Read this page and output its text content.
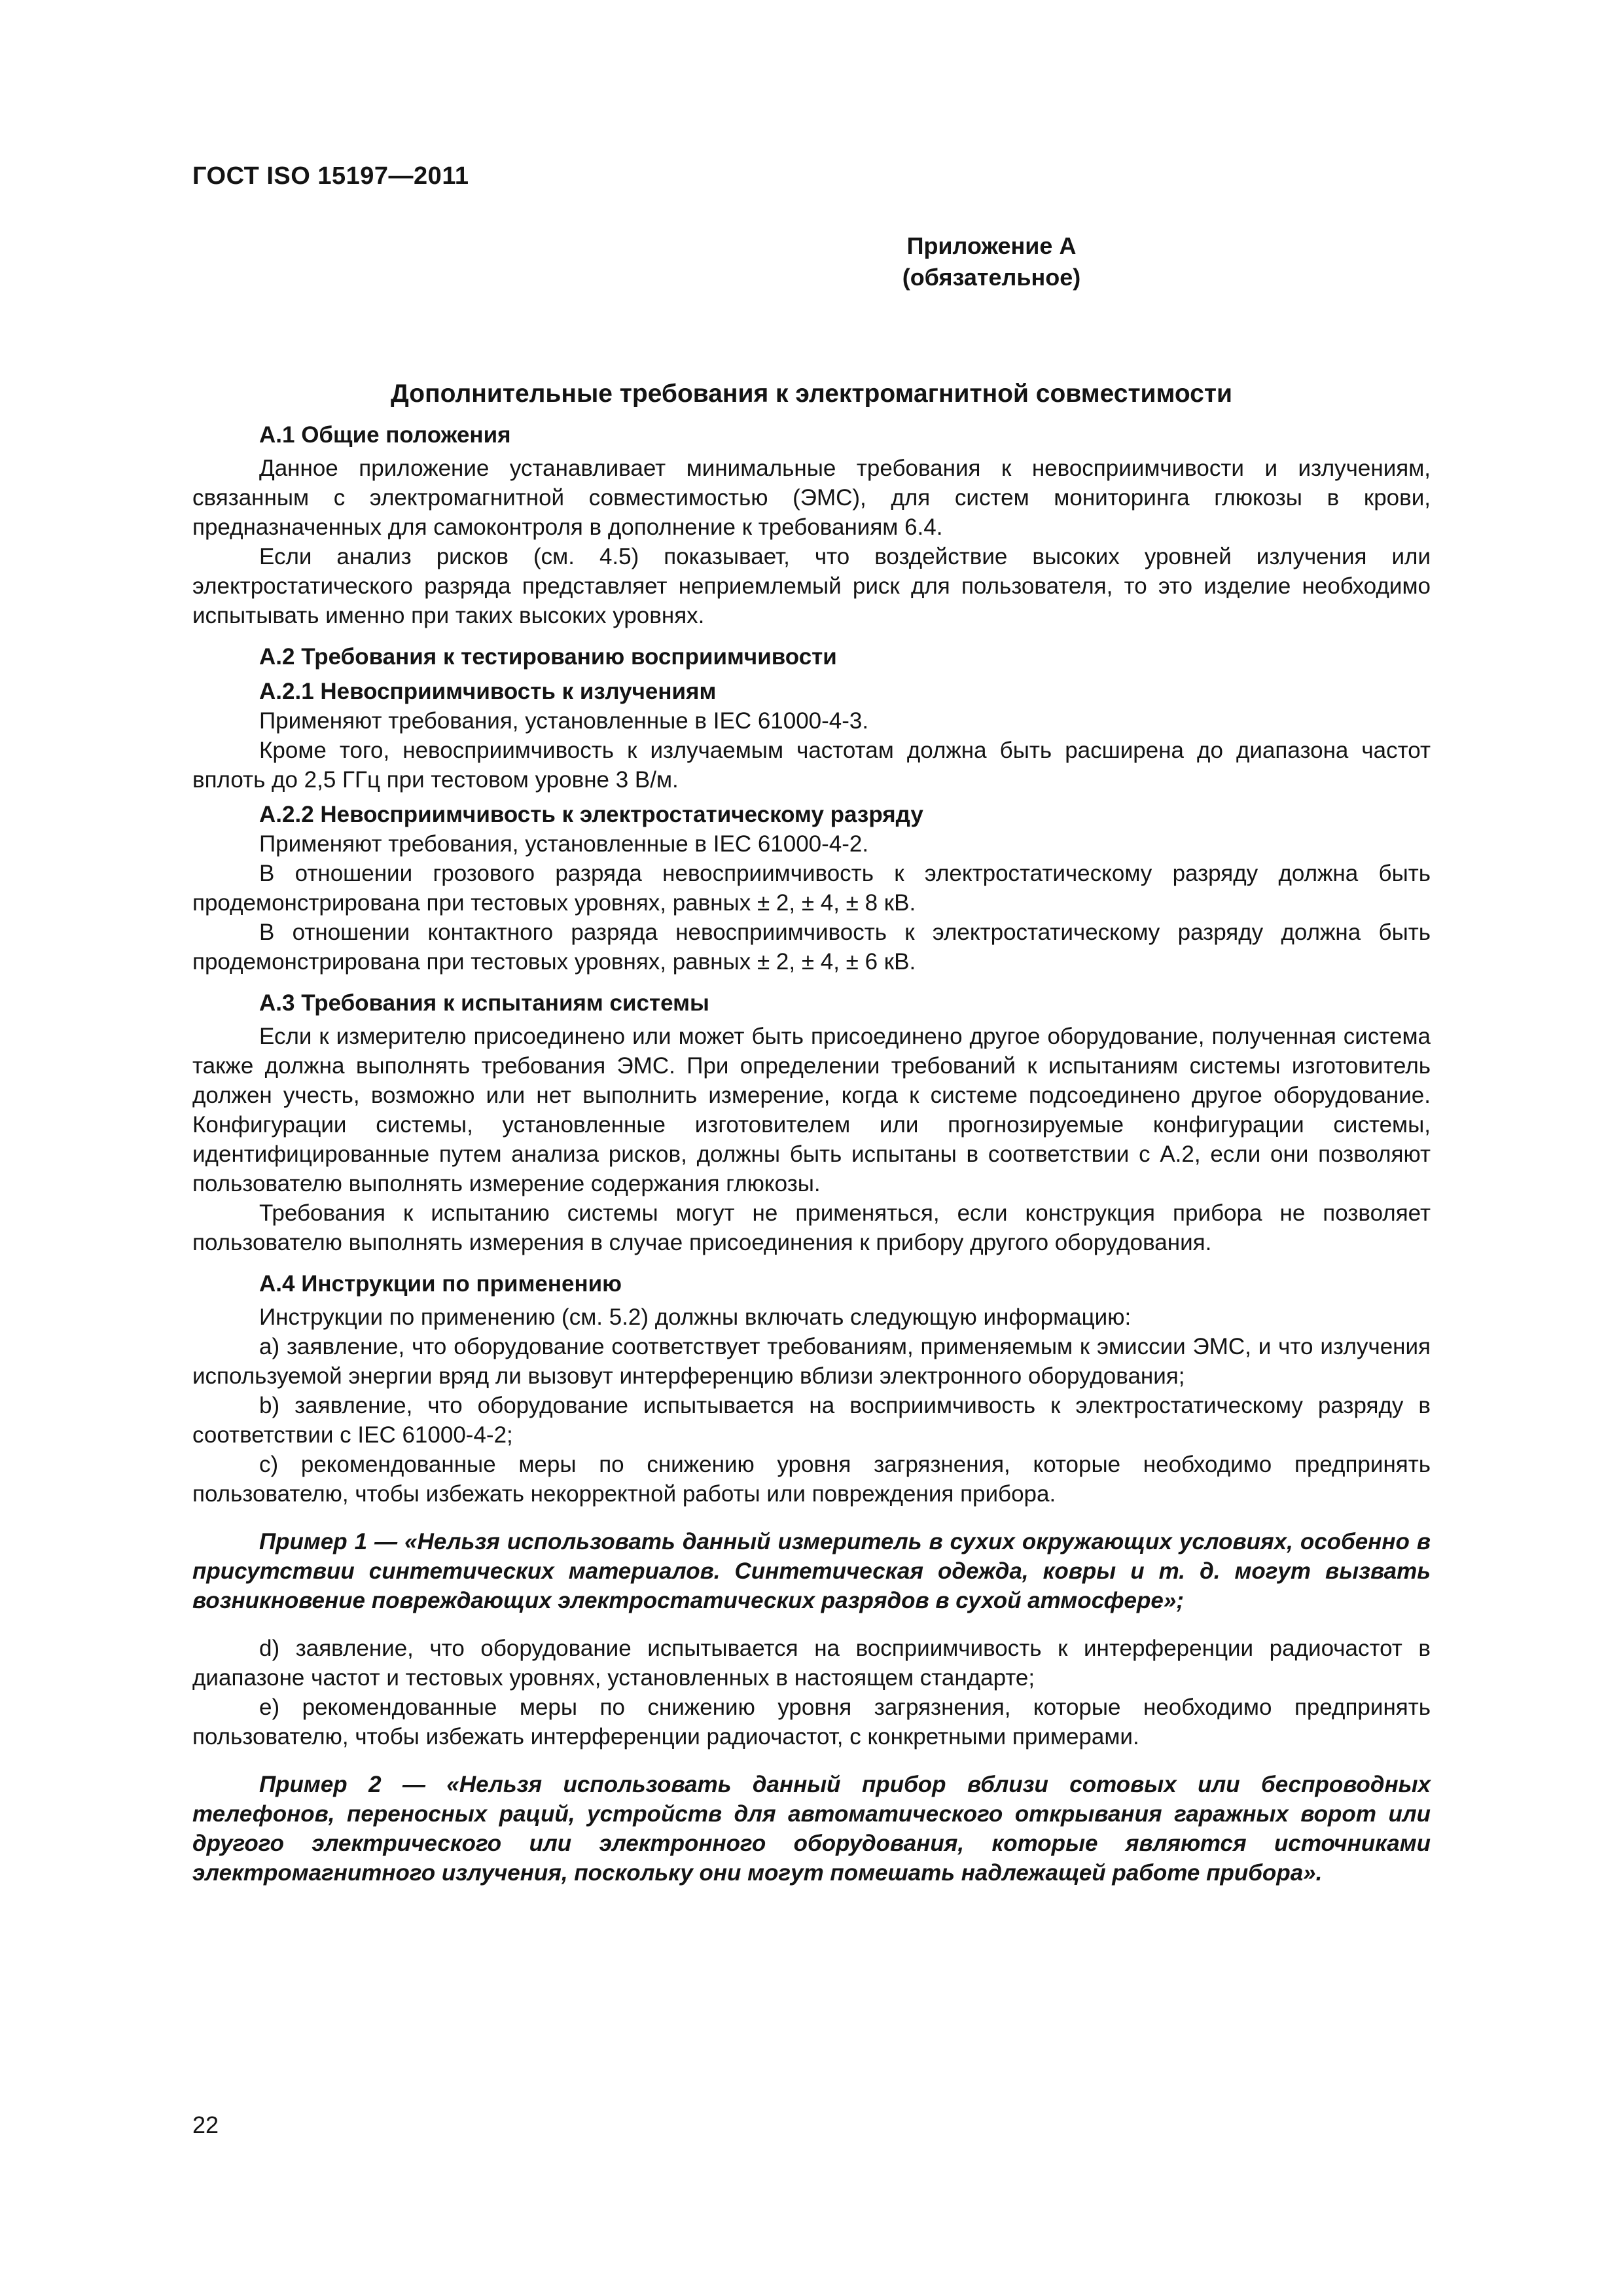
ГОСТ ISO 15197—2011
Приложение А
(обязательное)
Дополнительные требования к электромагнитной совместимости
А.1 Общие положения

Данное приложение устанавливает минимальные требования к невосприимчивости и излучениям, связанным с электромагнитной совместимостью (ЭМС), для систем мониторинга глюкозы в крови, предназначенных для самоконтроля в дополнение к требованиям 6.4.

Если анализ рисков (см. 4.5) показывает, что воздействие высоких уровней излучения или электростатического разряда представляет неприемлемый риск для пользователя, то это изделие необходимо испытывать именно при таких высоких уровнях.

А.2 Требования к тестированию восприимчивости
А.2.1 Невосприимчивость к излучениям

Применяют требования, установленные в IEC 61000-4-3.

Кроме того, невосприимчивость к излучаемым частотам должна быть расширена до диапазона частот вплоть до 2,5 ГГц при тестовом уровне 3 В/м.

А.2.2 Невосприимчивость к электростатическому разряду

Применяют требования, установленные в IEC 61000-4-2.

В отношении грозового разряда невосприимчивость к электростатическому разряду должна быть продемонстрирована при тестовых уровнях, равных ± 2, ± 4, ± 8 кВ.

В отношении контактного разряда невосприимчивость к электростатическому разряду должна быть продемонстрирована при тестовых уровнях, равных ± 2, ± 4, ± 6 кВ.

А.3 Требования к испытаниям системы

Если к измерителю присоединено или может быть присоединено другое оборудование, полученная система также должна выполнять требования ЭМС. При определении требований к испытаниям системы изготовитель должен учесть, возможно или нет выполнить измерение, когда к системе подсоединено другое оборудование. Конфигурации системы, установленные изготовителем или прогнозируемые конфигурации системы, идентифицированные путем анализа рисков, должны быть испытаны в соответствии с А.2, если они позволяют пользователю выполнять измерение содержания глюкозы.

Требования к испытанию системы могут не применяться, если конструкция прибора не позволяет пользователю выполнять измерения в случае присоединения к прибору другого оборудования.

А.4 Инструкции по применению

Инструкции по применению (см. 5.2) должны включать следующую информацию:

а) заявление, что оборудование соответствует требованиям, применяемым к эмиссии ЭМС, и что излучения используемой энергии вряд ли вызовут интерференцию вблизи электронного оборудования;

b) заявление, что оборудование испытывается на восприимчивость к электростатическому разряду в соответствии с IEC 61000-4-2;

с) рекомендованные меры по снижению уровня загрязнения, которые необходимо предпринять пользователю, чтобы избежать некорректной работы или повреждения прибора.

Пример 1 — «Нельзя использовать данный измеритель в сухих окружающих условиях, особенно в присутствии синтетических материалов. Синтетическая одежда, ковры и т. д. могут вызвать возникновение повреждающих электростатических разрядов в сухой атмосфере»;

d) заявление, что оборудование испытывается на восприимчивость к интерференции радиочастот в диапазоне частот и тестовых уровнях, установленных в настоящем стандарте;

е) рекомендованные меры по снижению уровня загрязнения, которые необходимо предпринять пользователю, чтобы избежать интерференции радиочастот, с конкретными примерами.

Пример 2 — «Нельзя использовать данный прибор вблизи сотовых или беспроводных телефонов, переносных раций, устройств для автоматического открывания гаражных ворот или другого электрического или электронного оборудования, которые являются источниками электромагнитного излучения, поскольку они могут помешать надлежащей работе прибора».
22
